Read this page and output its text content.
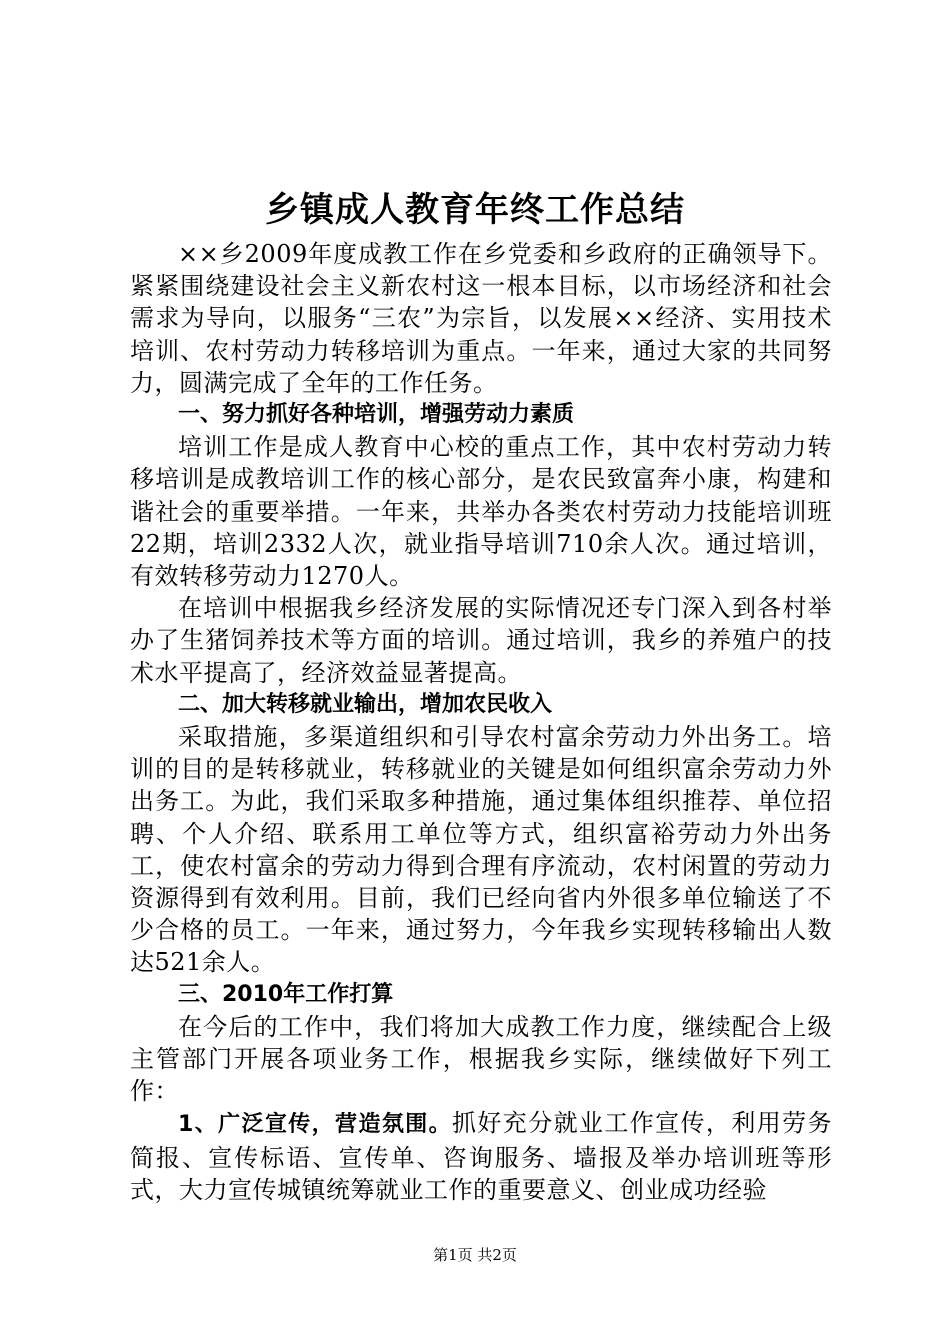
乡镇成人教育年终工作总结

××乡2009年度成教工作在乡党委和乡政府的正确领导下。紧紧围绕建设社会主义新农村这一根本目标，以市场经济和社会需求为导向，以服务“三农”为宗旨，以发展××经济、实用技术培训、农村劳动力转移培训为重点。一年来，通过大家的共同努力，圆满完成了全年的工作任务。

一、努力抓好各种培训，增强劳动力素质

培训工作是成人教育中心校的重点工作，其中农村劳动力转移培训是成教培训工作的核心部分，是农民致富奔小康，构建和谐社会的重要举措。一年来，共举办各类农村劳动力技能培训班22期，培训2332人次，就业指导培训710余人次。通过培训，有效转移劳动力1270人。

在培训中根据我乡经济发展的实际情况还专门深入到各村举办了生猪饲养技术等方面的培训。通过培训，我乡的养殖户的技术水平提高了，经济效益显著提高。

二、加大转移就业输出，增加农民收入

采取措施，多渠道组织和引导农村富余劳动力外出务工。培训的目的是转移就业，转移就业的关键是如何组织富余劳动力外出务工。为此，我们采取多种措施，通过集体组织推荐、单位招聘、个人介绍、联系用工单位等方式，组织富裕劳动力外出务工，使农村富余的劳动力得到合理有序流动，农村闲置的劳动力资源得到有效利用。目前，我们已经向省内外很多单位输送了不少合格的员工。一年来，通过努力，今年我乡实现转移输出人数达521余人。

三、2010年工作打算

在今后的工作中，我们将加大成教工作力度，继续配合上级主管部门开展各项业务工作，根据我乡实际，继续做好下列工作：

1、广泛宣传，营造氛围。抓好充分就业工作宣传，利用劳务简报、宣传标语、宣传单、咨询服务、墙报及举办培训班等形式，大力宣传城镇统筹就业工作的重要意义、创业成功经验

第1页 共2页
